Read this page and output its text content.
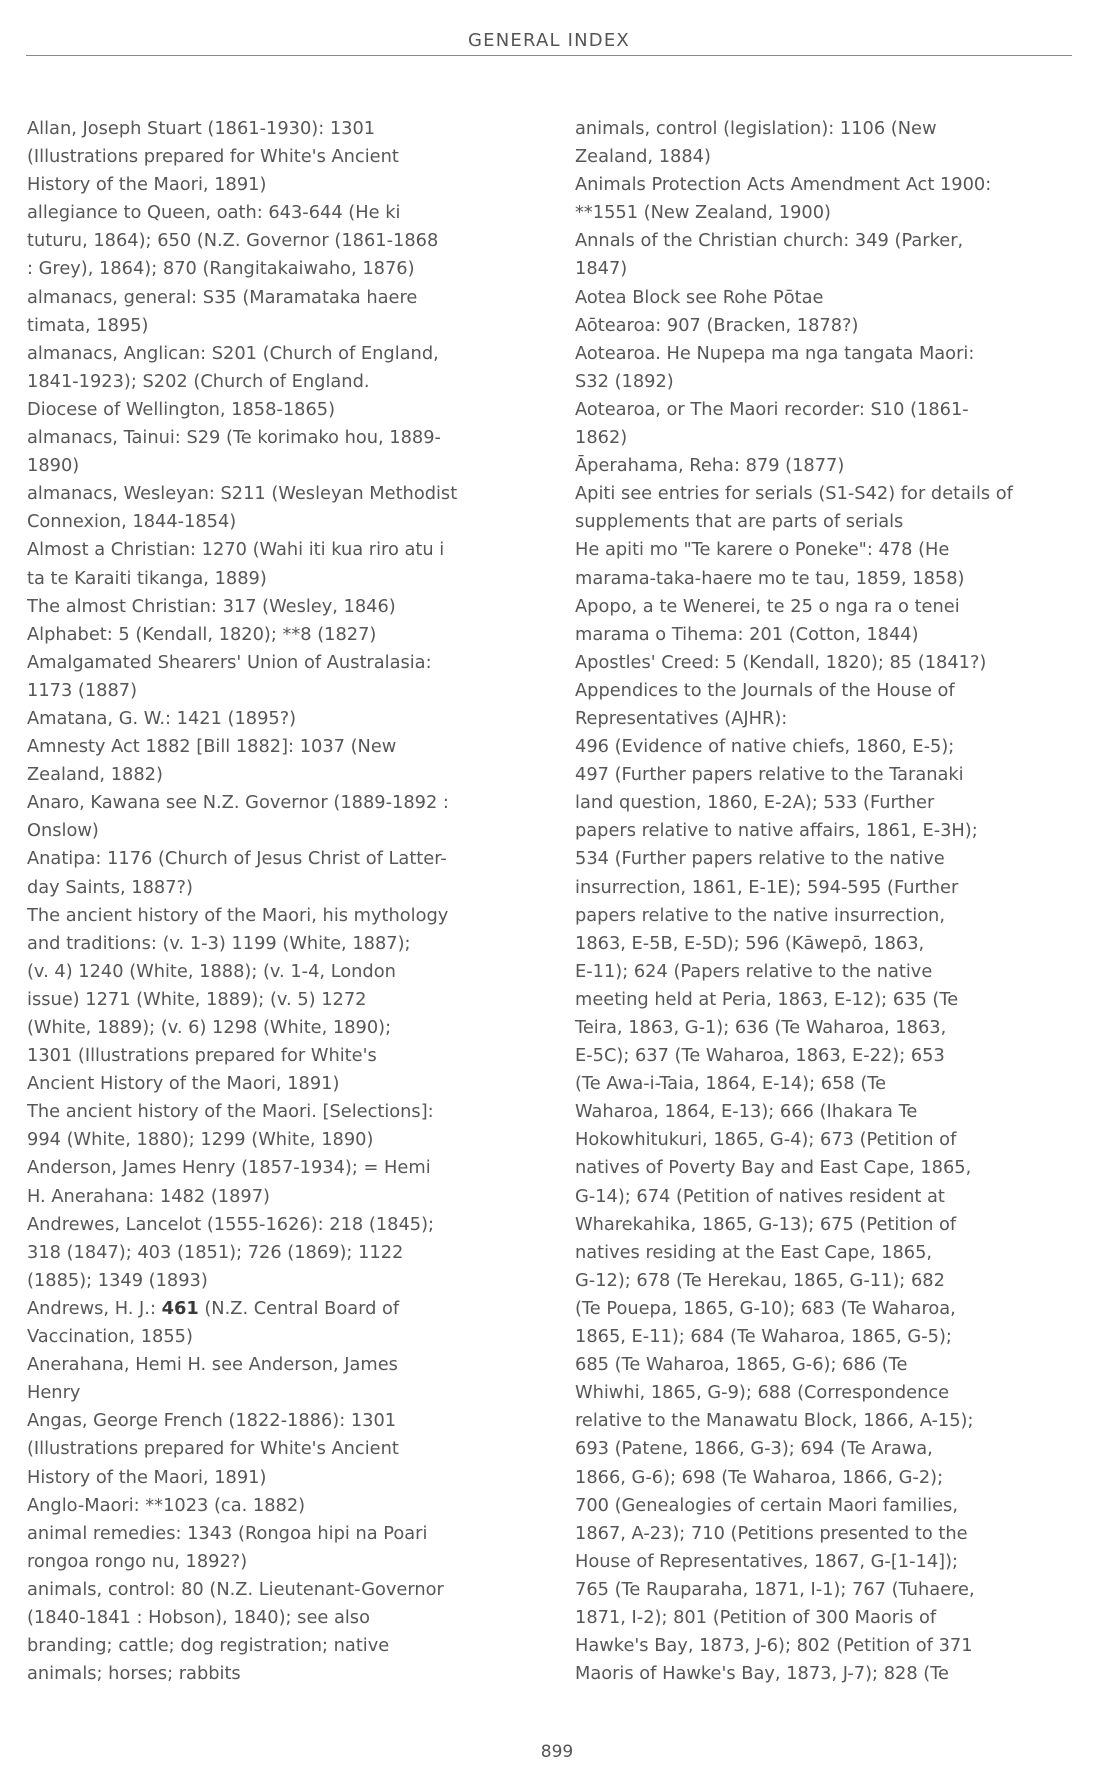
GENERAL INDEX
Allan, Joseph Stuart (1861-1930): 1301
(Illustrations prepared for White's Ancient
History of the Maori, 1891)
allegiance to Queen, oath: 643-644 (He ki
tuturu, 1864); 650 (N.Z. Governor (1861-1868
: Grey), 1864); 870 (Rangitakaiwaho, 1876)
almanacs, general: S35 (Maramataka haere
timata, 1895)
almanacs, Anglican: S201 (Church of England,
1841-1923); S202 (Church of England.
Diocese of Wellington, 1858-1865)
almanacs, Tainui: S29 (Te korimako hou, 1889-
1890)
almanacs, Wesleyan: S211 (Wesleyan Methodist
Connexion, 1844-1854)
Almost a Christian: 1270 (Wahi iti kua riro atu i
ta te Karaiti tikanga, 1889)
The almost Christian: 317 (Wesley, 1846)
Alphabet: 5 (Kendall, 1820); **8 (1827)
Amalgamated Shearers' Union of Australasia:
1173 (1887)
Amatana, G. W.: 1421 (1895?)
Amnesty Act 1882 [Bill 1882]: 1037 (New
Zealand, 1882)
Anaro, Kawana see N.Z. Governor (1889-1892 :
Onslow)
Anatipa: 1176 (Church of Jesus Christ of Latter-
day Saints, 1887?)
The ancient history of the Maori, his mythology
and traditions: (v. 1-3) 1199 (White, 1887);
(v. 4) 1240 (White, 1888); (v. 1-4, London
issue) 1271 (White, 1889); (v. 5) 1272
(White, 1889); (v. 6) 1298 (White, 1890);
1301 (Illustrations prepared for White's
Ancient History of the Maori, 1891)
The ancient history of the Maori. [Selections]:
994 (White, 1880); 1299 (White, 1890)
Anderson, James Henry (1857-1934); = Hemi
H. Anerahana: 1482 (1897)
Andrewes, Lancelot (1555-1626): 218 (1845);
318 (1847); 403 (1851); 726 (1869); 1122
(1885); 1349 (1893)
Andrews, H. J.: 461 (N.Z. Central Board of
Vaccination, 1855)
Anerahana, Hemi H. see Anderson, James
Henry
Angas, George French (1822-1886): 1301
(Illustrations prepared for White's Ancient
History of the Maori, 1891)
Anglo-Maori: **1023 (ca. 1882)
animal remedies: 1343 (Rongoa hipi na Poari
rongoa rongo nu, 1892?)
animals, control: 80 (N.Z. Lieutenant-Governor
(1840-1841 : Hobson), 1840); see also
branding; cattle; dog registration; native
animals; horses; rabbits
animals, control (legislation): 1106 (New
Zealand, 1884)
Animals Protection Acts Amendment Act 1900:
**1551 (New Zealand, 1900)
Annals of the Christian church: 349 (Parker,
1847)
Aotea Block see Rohe Pōtae
Aōtearoa: 907 (Bracken, 1878?)
Aotearoa. He Nupepa ma nga tangata Maori:
S32 (1892)
Aotearoa, or The Maori recorder: S10 (1861-
1862)
Āperahama, Reha: 879 (1877)
Apiti see entries for serials (S1-S42) for details of
supplements that are parts of serials
He apiti mo "Te karere o Poneke": 478 (He
marama-taka-haere mo te tau, 1859, 1858)
Apopo, a te Wenerei, te 25 o nga ra o tenei
marama o Tihema: 201 (Cotton, 1844)
Apostles' Creed: 5 (Kendall, 1820); 85 (1841?)
Appendices to the Journals of the House of
Representatives (AJHR):
496 (Evidence of native chiefs, 1860, E-5);
497 (Further papers relative to the Taranaki
land question, 1860, E-2A); 533 (Further
papers relative to native affairs, 1861, E-3H);
534 (Further papers relative to the native
insurrection, 1861, E-1E); 594-595 (Further
papers relative to the native insurrection,
1863, E-5B, E-5D); 596 (Kāwepō, 1863,
E-11); 624 (Papers relative to the native
meeting held at Peria, 1863, E-12); 635 (Te
Teira, 1863, G-1); 636 (Te Waharoa, 1863,
E-5C); 637 (Te Waharoa, 1863, E-22); 653
(Te Awa-i-Taia, 1864, E-14); 658 (Te
Waharoa, 1864, E-13); 666 (Ihakara Te
Hokowhitukuri, 1865, G-4); 673 (Petition of
natives of Poverty Bay and East Cape, 1865,
G-14); 674 (Petition of natives resident at
Wharekahika, 1865, G-13); 675 (Petition of
natives residing at the East Cape, 1865,
G-12); 678 (Te Herekau, 1865, G-11); 682
(Te Pouepa, 1865, G-10); 683 (Te Waharoa,
1865, E-11); 684 (Te Waharoa, 1865, G-5);
685 (Te Waharoa, 1865, G-6); 686 (Te
Whiwhi, 1865, G-9); 688 (Correspondence
relative to the Manawatu Block, 1866, A-15);
693 (Patene, 1866, G-3); 694 (Te Arawa,
1866, G-6); 698 (Te Waharoa, 1866, G-2);
700 (Genealogies of certain Maori families,
1867, A-23); 710 (Petitions presented to the
House of Representatives, 1867, G-[1-14]);
765 (Te Rauparaha, 1871, I-1); 767 (Tuhaere,
1871, I-2); 801 (Petition of 300 Maoris of
Hawke's Bay, 1873, J-6); 802 (Petition of 371
Maoris of Hawke's Bay, 1873, J-7); 828 (Te
899
